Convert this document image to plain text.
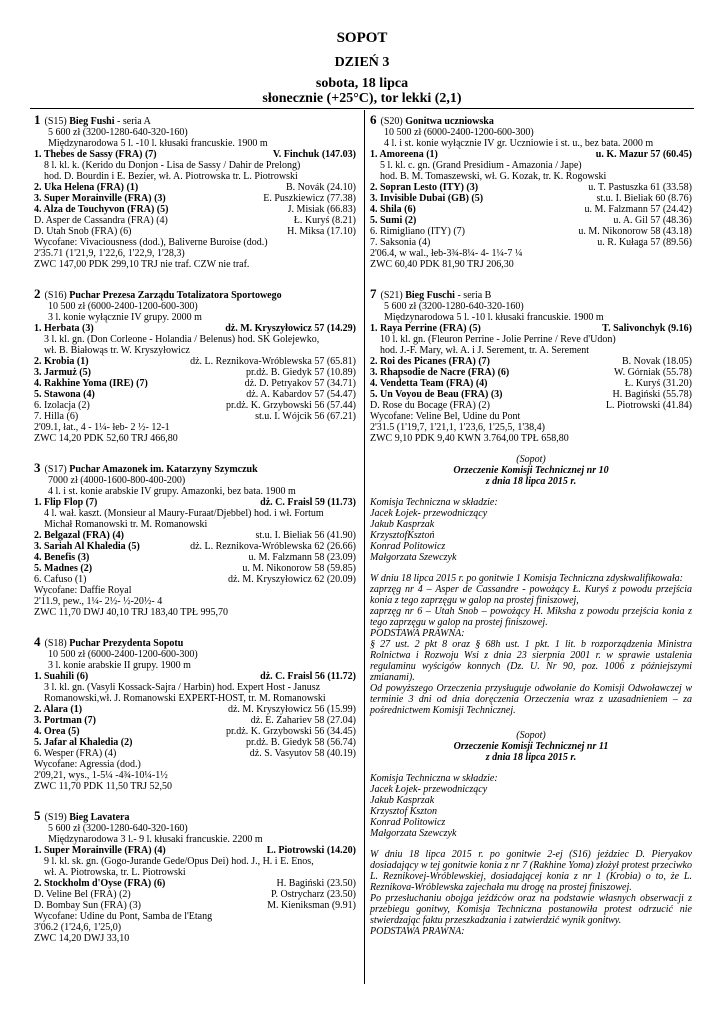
SOPOT
DZIEŃ 3
sobota, 18 lipca
słonecznie (+25°C), tor lekki (2,1)
1 (S15) Bieg Fushi - seria A
5 600 zł (3200-1280-640-320-160)
Międzynarodowa 5 l. -10 l. kłusaki francuskie. 1900 m
1. Thebes de Sassy (FRA) (7)	V. Finchuk (147.03)
8 l. kl. k. (Kerido du Donjon - Lisa de Sassy / Dahir de Prelong)
hod. D. Bourdin i E. Bezier, wł. A. Piotrowska tr. L. Piotrowski
2. Uka Helena (FRA) (1)	B. Novák (24.10)
3. Super Morainville (FRA) (3)	E. Puszkiewicz (77.38)
4. Alza de Touchyvon (FRA) (5)	J. Misiak (66.83)
D. Asper de Cassandra (FRA) (4)	Ł. Kuryś (8.21)
D. Utah Snob (FRA) (6)	H. Miksa (17.10)
Wycofane: Vivaciousness (dod.), Baliverne Buroise (dod.)
2'35.71 (1'21,9, 1'22,6, 1'22,9, 1'28,3)
ZWC 147,00 PDK 299,10 TRJ nie traf. CZW nie traf.
2 (S16) Puchar Prezesa Zarządu Totalizatora Sportowego
10 500 zł (6000-2400-1200-600-300)
3 l. konie wyłącznie IV grupy. 2000 m
1. Herbata (3)	dż. M. Kryszyłowicz 57 (14.29)
3 l. kl. gn. (Don Corleone - Holandia / Belenus) hod. SK Golejewko,
wł. B. Białowąs tr. W. Kryszyłowicz
2. Krobia (1)	dż. L. Reznikova-Wróblewska 57 (65.81)
3. Jarmuż (5)	pr.dż. B. Giedyk 57 (10.89)
4. Rakhine Yoma (IRE) (7)	dż. D. Petryakov 57 (34.71)
5. Stawona (4)	dż. A. Kabardov 57 (54.47)
6. Izolacja (2)	pr.dż. K. Grzybowski 56 (57.44)
7. Hilla (6)	st.u. I. Wójcik 56 (67.21)
2'09.1, łat., 4 - 1¼- łeb- 2 ½- 12-1
ZWC 14,20 PDK 52,60 TRJ 466,80
3 (S17) Puchar Amazonek im. Katarzyny Szymczuk
7000 zł (4000-1600-800-400-200)
4 l. i st. konie arabskie IV grupy. Amazonki, bez bata. 1900 m
1. Flip Flop (7)	dż. C. Fraisl 59 (11.73)
4 l. wał. kaszt. (Monsieur al Maury-Furaat/Djebbel) hod. i wł. Fortum
Michał Romanowski tr. M. Romanowski
2. Belgazal (FRA) (4)	st.u. I. Bieliak 56 (41.90)
3. Sariah Al Khaledia (5)	dż. L. Reznikova-Wróblewska 62 (26.66)
4. Benefis (3)	u. M. Falzmann 58 (23.09)
5. Madnes (2)	u. M. Nikonorow 58 (59.85)
6. Cafuso (1)	dż. M. Kryszyłowicz 62 (20.09)
Wycofane: Daffie Royal
2'11.9, pew., 1¼- 2½- ½-20½- 4
ZWC 11,70 DWJ 40,10 TRJ 183,40 TPŁ 995,70
4 (S18) Puchar Prezydenta Sopotu
10 500 zł (6000-2400-1200-600-300)
3 l. konie arabskie II grupy. 1900 m
1. Suahili (6)	dż. C. Fraisl 56 (11.72)
3 l. kl. gn. (Vasyli Kossack-Sajra / Harbin) hod. Expert Host - Janusz
Romanowski,wł. J. Romanowski EXPERT-HOST, tr. M. Romanowski
2. Alara (1)	dż. M. Kryszyłowicz 56 (15.99)
3. Portman (7)	dż. E. Zahariev 58 (27.04)
4. Orea (5)	pr.dż. K. Grzybowski 56 (34.45)
5. Jafar al Khaledia (2)	pr.dż. B. Giedyk 58 (56.74)
6. Wesper (FRA) (4)	dż. S. Vasyutov 58 (40.19)
Wycofane: Agressia (dod.)
2'09,21, wys., 1-5¼ -4¾-10¼-1½
ZWC 11,70 PDK 11,50 TRJ 52,50
5 (S19) Bieg Lavatera
5 600 zł (3200-1280-640-320-160)
Międzynarodowa 3 l.- 9 l. kłusaki francuskie. 2200 m
1. Super Morainville (FRA) (4)	L. Piotrowski (14.20)
9 l. kl. sk. gn. (Gogo-Jurande Gede/Opus Dei) hod. J., H. i E. Enos,
wł. A. Piotrowska, tr. L. Piotrowski
2. Stockholm d'Oyse (FRA) (6)	H. Bagiński (23.50)
D. Veline Bel (FRA) (2)	P. Ostrycharz (23.50)
D. Bombay Sun (FRA) (3)	M. Kieniksman (9.91)
Wycofane: Udine du Pont, Samba de l'Etang
3'06.2 (1'24,6, 1'25,0)
ZWC 14,20 DWJ 33,10
6 (S20) Gonitwa uczniowska
10 500 zł (6000-2400-1200-600-300)
4 l. i st. konie wyłącznie IV gr. Uczniowie i st. u., bez bata. 2000 m
1. Amoreena (1)	u. K. Mazur 57 (60.45)
5 l. kl. c. gn. (Grand Presidium - Amazonia / Jape)
hod. B. M. Tomaszewski, wł. G. Kozak, tr. K. Rogowski
2. Sopran Lesto (ITY) (3)	u. T. Pastuszka 61 (33.58)
3. Invisible Dubai (GB) (5)	st.u. I. Bieliak 60 (8.76)
4. Shila (6)	u. M. Falzmann 57 (24.42)
5. Sumi (2)	u. A. Gil 57 (48.36)
6. Rimigliano (ITY) (7)	u. M. Nikonorow 58 (43.18)
7. Saksonia (4)	u. R. Kułaga 57 (89.56)
2'06.4, w wal., łeb-3¾-8¼- 4- 1¼-7 ¼
ZWC 60,40 PDK 81,90 TRJ 206,30
7 (S21) Bieg Fuschi - seria B
5 600 zł (3200-1280-640-320-160)
Międzynarodowa 5 l. -10 l. kłusaki francuskie. 1900 m
1. Raya Perrine (FRA) (5)	T. Salivonchyk (9.16)
10 l. kl. gn. (Fleuron Perrine - Jolie Perrine / Reve d'Udon)
hod. J.-F. Mary, wł. A. i J. Serement, tr. A. Serement
2. Roi des Picanes (FRA) (7)	B. Novak (18.05)
3. Rhapsodie de Nacre (FRA) (6)	W. Górniak (55.78)
4. Vendetta Team (FRA) (4)	Ł. Kuryś (31.20)
5. Un Voyou de Beau (FRA) (3)	H. Bagiński (55.78)
D. Rose du Bocage (FRA) (2)	L. Piotrowski (41.84)
Wycofane: Veline Bel, Udine du Pont
2'31.5 (1'19,7, 1'21,1, 1'23,6, 1'25,5, 1'38,4)
ZWC 9,10 PDK 9,40 KWN 3.764,00 TPŁ 658,80
(Sopot)
Orzeczenie Komisji Technicznej nr 10
z dnia 18 lipca 2015 r.
Komisja Techniczna w składzie:
Jacek Łojek- przewodniczący
Jakub Kasprzak
KrzysztofKsztoń
Konrad Politowicz
Małgorzata Szewczyk
W dniu 18 lipca 2015 r. po gonitwie 1 Komisja Techniczna zdyskwalifikowała:
zaprzęg nr 4 – Asper de Cassandre - powożący Ł. Kuryś z powodu przejścia konia z tego zaprzęgu w galop na prostej finiszowej,
zaprzęg nr 6 – Utah Snob – powożący H. Miksha z powodu przejścia konia z tego zaprzęgu w galop na prostej finiszowej.
PODSTAWA PRAWNA:
§ 27 ust. 2 pkt 8 oraz § 68h ust. 1 pkt. 1 lit. b rozporządzenia Ministra Rolnictwa i Rozwoju Wsi z dnia 23 sierpnia 2001 r. w sprawie ustalenia regulaminu wyścigów konnych (Dz. U. Nr 90, poz. 1006 z późniejszymi zmianami).
Od powyższego Orzeczenia przysługuje odwołanie do Komisji Odwoławczej w terminie 3 dni od dnia doręczenia Orzeczenia wraz z uzasadnieniem – za pośrednictwem Komisji Technicznej.
(Sopot)
Orzeczenie Komisji Technicznej nr 11
z dnia 18 lipca 2015 r.
Komisja Techniczna w składzie:
Jacek Łojek- przewodniczący
Jakub Kasprzak
Krzysztof Kszton
Konrad Politowicz
Małgorzata Szewczyk
W dniu 18 lipca 2015 r. po gonitwie 2-ej (S16) jeździec D. Pieryakov dosiadający w tej gonitwie konia z nr 7 (Rakhine Yoma) złożył protest przeciwko L. Reznikovej-Wróblewskiej, dosiadającej konia z nr 1 (Krobia) o to, że L. Reznikova-Wróblewska zajechała mu drogę na prostej finiszowej.
Po przesłuchaniu obojga jeźdźców oraz na podstawie własnych obserwacji z przebiegu gonitwy, Komisja Techniczna postanowiła protest odrzucić nie stwierdzając faktu przeszkadzania i zatwierdzić wynik gonitwy.
PODSTAWA PRAWNA:
